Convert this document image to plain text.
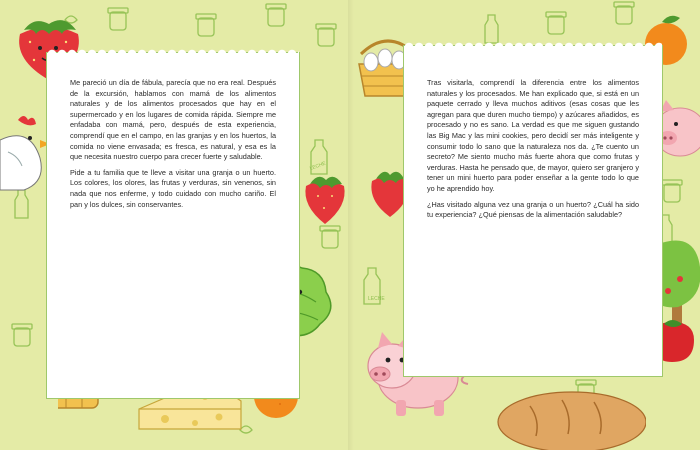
LECHE
LECHE

Me pareció un día de fábula, parecía que no era real. Después de la excursión, hablamos con mamá de los alimentos naturales y de los alimentos procesados que hay en el supermercado y en los lugares de comida rápida. Siempre me enfadaba con mamá, pero, después de esta experiencia, comprendí que en el campo, en las granjas y en los huertos, la comida no viene envasada; es fresca, es natural, y esa es la que necesita nuestro cuerpo para crecer fuerte y saludable.

Pide a tu familia que te lleve a visitar una granja o un huerto. Los colores, los olores, las frutas y verduras, sin venenos, sin nada que nos enferme, y todo cuidado con mucho cariño. El pan y los dulces, sin conservantes.

Tras visitarla, comprendí la diferencia entre los alimentos naturales y los procesados. Me han explicado que, si está en un paquete cerrado y lleva muchos aditivos (esas cosas que les agregan para que duren mucho tiempo) y azúcares añadidos, es procesado y no es sano. La verdad es que me siguen gustando las Big Mac y las mini cookies, pero decidí ser más inteligente y consumir todo lo sano que la naturaleza nos da. ¿Te cuento un secreto? Me siento mucho más fuerte ahora que como frutas y verduras. Hasta he pensado que, de mayor, quiero ser granjero y tener un mini huerto para poder enseñar a la gente todo lo que yo he aprendido hoy.

¿Has visitado alguna vez una granja o un huerto? ¿Cuál ha sido tu experiencia? ¿Qué piensas de la alimentación saludable?
